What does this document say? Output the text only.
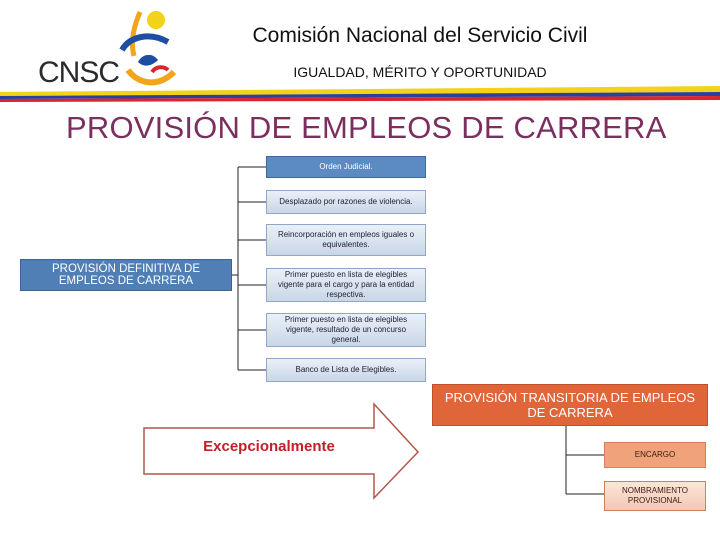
CNSC
Comisión Nacional del Servicio Civil
IGUALDAD, MÉRITO Y OPORTUNIDAD
PROVISIÓN DE EMPLEOS DE CARRERA
PROVISIÓN DEFINITIVA DE EMPLEOS DE CARRERA
Orden Judicial.
Desplazado por razones de violencia.
Reincorporación en empleos iguales o equivalentes.
Primer puesto en lista de elegibles vigente para el cargo y para la entidad respectiva.
Primer puesto en lista de elegibles vigente, resultado de un concurso general.
Banco de Lista de Elegibles.
Excepcionalmente
PROVISIÓN TRANSITORIA DE EMPLEOS DE CARRERA
ENCARGO
NOMBRAMIENTO PROVISIONAL
